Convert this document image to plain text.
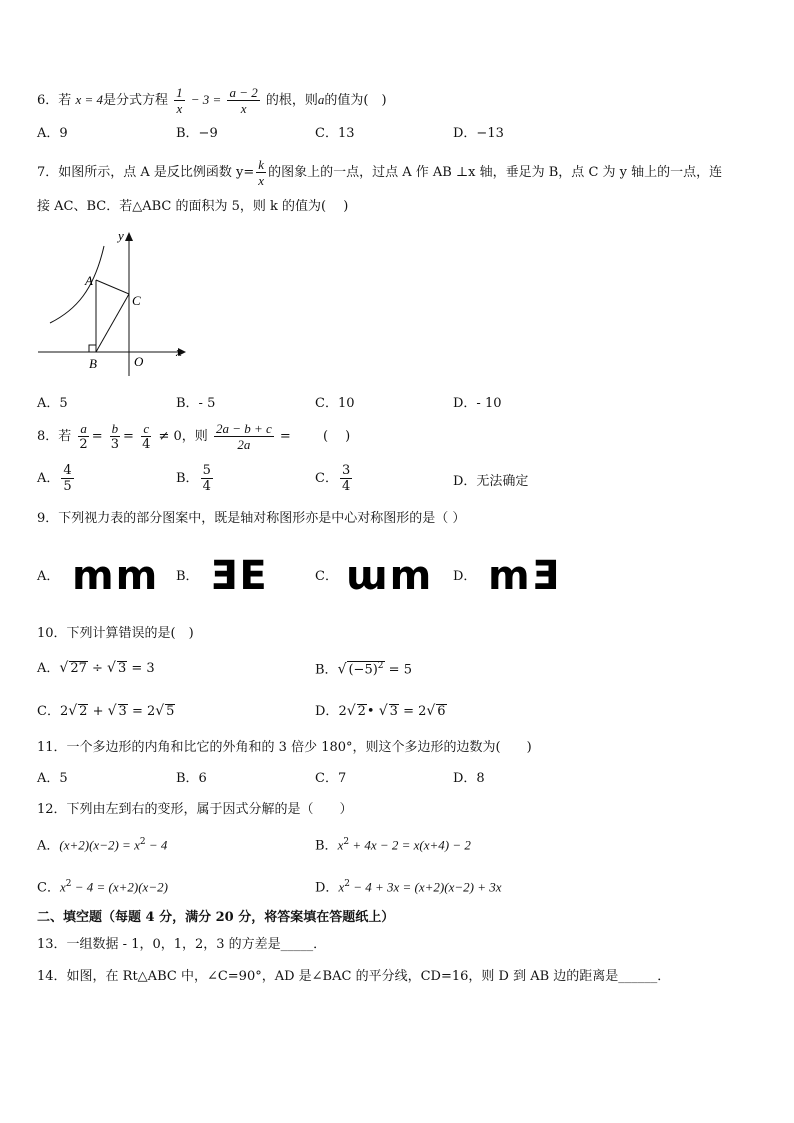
6．若 x = 4是分式方程 $\frac{1}{x} - 3 = \frac{a - 2}{x}$ 的根，则a的值为(　)
A．9	B．−9	C．13	D．−13
7．如图所示，点 A 是反比例函数 $y= \frac{k}{x}$ 的图象上的一点，过点 A 作 AB ⊥x 轴，垂足为 B，点 C 为 y 轴上的一点，连
接 AC、BC．若△ABC 的面积为 5，则 k 的值为(　 )
y
x
A
B
C
O
A．5	B．- 5	C．10	D．- 10
8．若 $\frac{a}{2} = \frac{b}{3} = \frac{c}{4} \ne 0$，则 $\frac{2a - b + c}{2a}$ = (　 )
A． $\frac{4}{5}$	B． $\frac{5}{4}$	C． $\frac{3}{4}$	D．无法确定
9．下列视力表的部分图案中，既是轴对称图形亦是中心对称图形的是（ ）
A． mm B． ƎE	C． ɯm D． mƎ
10．下列计算错误的是(　)
A．√ 27 ÷ √ 3 = 3	B．√ $(-5)^2 = 5$
C．2√ 2 + √ 3 = 2√ 5	D．2√ 2• √ 3 = 2√ 6
11．一个多边形的内角和比它的外角和的 3 倍少 180°，则这个多边形的边数为(　　)
A．5	B．6	C．7	D．8
12．下列由左到右的变形，属于因式分解的是（　　）
A．$(x+2)(x-2) = x^2 - 4$	B．$x^2 + 4x - 2 = x(x+4) - 2$
C．$x^2 - 4 = (x+2)(x-2)$	D．$x^2 - 4 + 3x = (x+2)(x-2) + 3x$
二、填空题（每题 4 分，满分 20 分，将答案填在答题纸上）
13．一组数据 - 1，0，1，2，3 的方差是_____．
14．如图，在 Rt△ABC 中，∠C=90°，AD 是∠BAC 的平分线，CD=16，则 D 到 AB 边的距离是______．
